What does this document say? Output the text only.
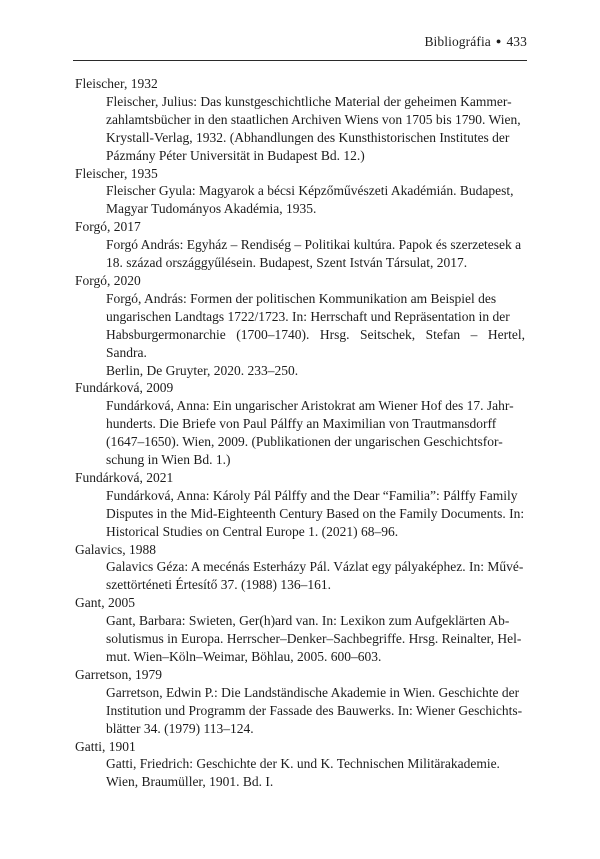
Bibliográfia ● 433

Fleischer, 1932

Fleischer, Julius: Das kunstgeschichtliche Material der geheimen Kammer-
zahlamtsbücher in den staatlichen Archiven Wiens von 1705 bis 1790. Wien,
Krystall-Verlag, 1932. (Abhandlungen des Kunsthistorischen Institutes der
Pázmány Péter Universität in Budapest Bd. 12.)

Fleischer, 1935

Fleischer Gyula: Magyarok a bécsi Képzőművészeti Akadémián. Budapest,
Magyar Tudományos Akadémia, 1935.

Forgó, 2017

Forgó András: Egyház – Rendiség – Politikai kultúra. Papok és szerzetesek a
18. század országgyűlésein. Budapest, Szent István Társulat, 2017.

Forgó, 2020

Forgó, András: Formen der politischen Kommunikation am Beispiel des
ungarischen Landtags 1722/1723. In: Herrschaft und Repräsentation in der
Habsburgermonarchie (1700–1740). Hrsg. Seitschek, Stefan – Hertel, Sandra.
Berlin, De Gruyter, 2020. 233–250.

Fundárková, 2009

Fundárková, Anna: Ein ungarischer Aristokrat am Wiener Hof des 17. Jahr-
hunderts. Die Briefe von Paul Pálffy an Maximilian von Trautmansdorff
(1647–1650). Wien, 2009. (Publikationen der ungarischen Geschichtsfor-
schung in Wien Bd. 1.)

Fundárková, 2021

Fundárková, Anna: Károly Pál Pálffy and the Dear “Familia”: Pálffy Family
Disputes in the Mid-Eighteenth Century Based on the Family Documents. In:
Historical Studies on Central Europe 1. (2021) 68–96.

Galavics, 1988

Galavics Géza: A mecénás Esterházy Pál. Vázlat egy pályaképhez. In: Művé-
szettörténeti Értesítő 37. (1988) 136–161.

Gant, 2005

Gant, Barbara: Swieten, Ger(h)ard van. In: Lexikon zum Aufgeklärten Ab-
solutismus in Europa. Herrscher–Denker–Sachbegriffe. Hrsg. Reinalter, Hel-
mut. Wien–Köln–Weimar, Böhlau, 2005. 600–603.

Garretson, 1979

Garretson, Edwin P.: Die Landständische Akademie in Wien. Geschichte der
Institution und Programm der Fassade des Bauwerks. In: Wiener Geschichts-
blätter 34. (1979) 113–124.

Gatti, 1901

Gatti, Friedrich: Geschichte der K. und K. Technischen Militärakademie.
Wien, Braumüller, 1901. Bd. I.
